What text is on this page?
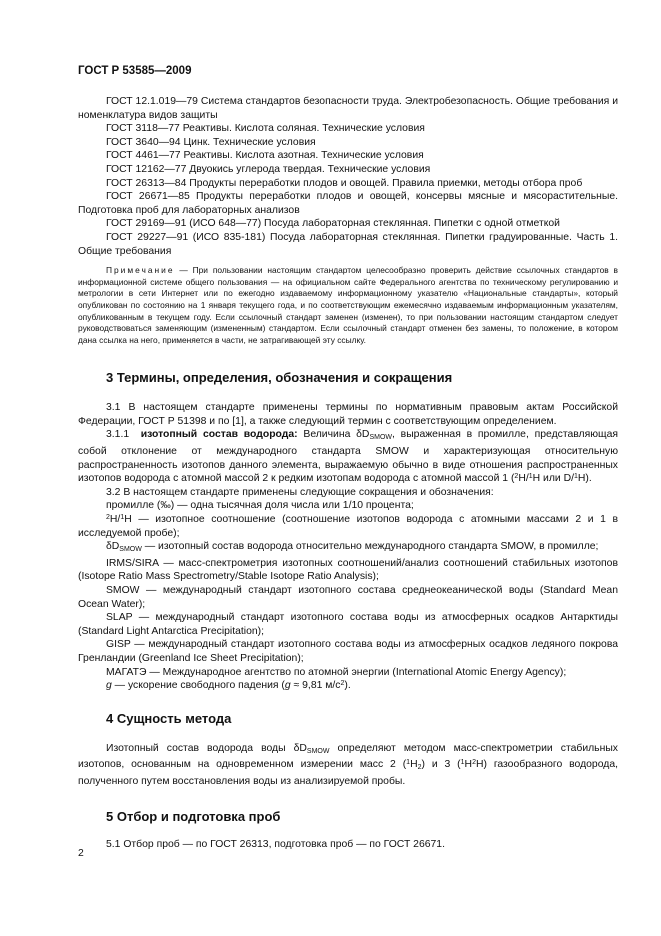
ГОСТ Р 53585—2009

ГОСТ 12.1.019—79 Система стандартов безопасности труда. Электробезопасность. Общие требования и номенклатура видов защиты

ГОСТ 3118—77 Реактивы. Кислота соляная. Технические условия

ГОСТ 3640—94 Цинк. Технические условия

ГОСТ 4461—77 Реактивы. Кислота азотная. Технические условия

ГОСТ 12162—77 Двуокись углерода твердая. Технические условия

ГОСТ 26313—84 Продукты переработки плодов и овощей. Правила приемки, методы отбора проб

ГОСТ 26671—85 Продукты переработки плодов и овощей, консервы мясные и мясорастительные. Подготовка проб для лабораторных анализов

ГОСТ 29169—91 (ИСО 648—77) Посуда лабораторная стеклянная. Пипетки с одной отметкой

ГОСТ 29227—91 (ИСО 835-181) Посуда лабораторная стеклянная. Пипетки градуированные. Часть 1. Общие требования

Примечание — При пользовании настоящим стандартом целесообразно проверить действие ссылочных стандартов в информационной системе общего пользования — на официальном сайте Федерального агентства по техническому регулированию и метрологии в сети Интернет или по ежегодно издаваемому информационному указателю «Национальные стандарты», который опубликован по состоянию на 1 января текущего года, и по соответствующим ежемесячно издаваемым информационным указателям, опубликованным в текущем году. Если ссылочный стандарт заменен (изменен), то при пользовании настоящим стандартом следует руководствоваться заменяющим (измененным) стандартом. Если ссылочный стандарт отменен без замены, то положение, в котором дана ссылка на него, применяется в части, не затрагивающей эту ссылку.

3 Термины, определения, обозначения и сокращения

3.1 В настоящем стандарте применены термины по нормативным правовым актам Российской Федерации, ГОСТ Р 51398 и по [1], а также следующий термин с соответствующим определением.

3.1.1 изотопный состав водорода: Величина $\delta D_{SMOW}$, выраженная в промилле, представляющая собой отклонение от международного стандарта SMOW и характеризующая относительную распространенность изотопов данного элемента, выражаемую обычно в виде отношения распространенных изотопов водорода с атомной массой 2 к редким изотопам водорода с атомной массой 1 ($^2$H/$^1$H или D/$^1$H).

3.2 В настоящем стандарте применены следующие сокращения и обозначения:

промилле (‰) — одна тысячная доля числа или 1/10 процента;

$^2$H/$^1$H — изотопное соотношение (соотношение изотопов водорода с атомными массами 2 и 1 в исследуемой пробе);

$\delta D_{SMOW}$ — изотопный состав водорода относительно международного стандарта SMOW, в промилле;

IRMS/SIRA — масс-спектрометрия изотопных соотношений/анализ соотношений стабильных изотопов (Isotope Ratio Mass Spectrometry/Stable Isotope Ratio Analysis);

SMOW — международный стандарт изотопного состава среднеокеанической воды (Standard Mean Ocean Water);

SLAP — международный стандарт изотопного состава воды из атмосферных осадков Антарктиды (Standard Light Antarctica Precipitation);

GISP — международный стандарт изотопного состава воды из атмосферных осадков ледяного покрова Гренландии (Greenland Ice Sheet Precipitation);

МАГАТЭ — Международное агентство по атомной энергии (International Atomic Energy Agency);

g — ускорение свободного падения (g ≈ 9,81 $м/с^2$).

4 Сущность метода

Изотопный состав водорода воды $\delta D_{SMOW}$ определяют методом масс-спектрометрии стабильных изотопов, основанным на одновременном измерении масс 2 $(^1H_2)$ и 3 $(^1H^2H)$ газообразного водорода, полученного путем восстановления воды из анализируемой пробы.

5 Отбор и подготовка проб

5.1 Отбор проб — по ГОСТ 26313, подготовка проб — по ГОСТ 26671.

2
